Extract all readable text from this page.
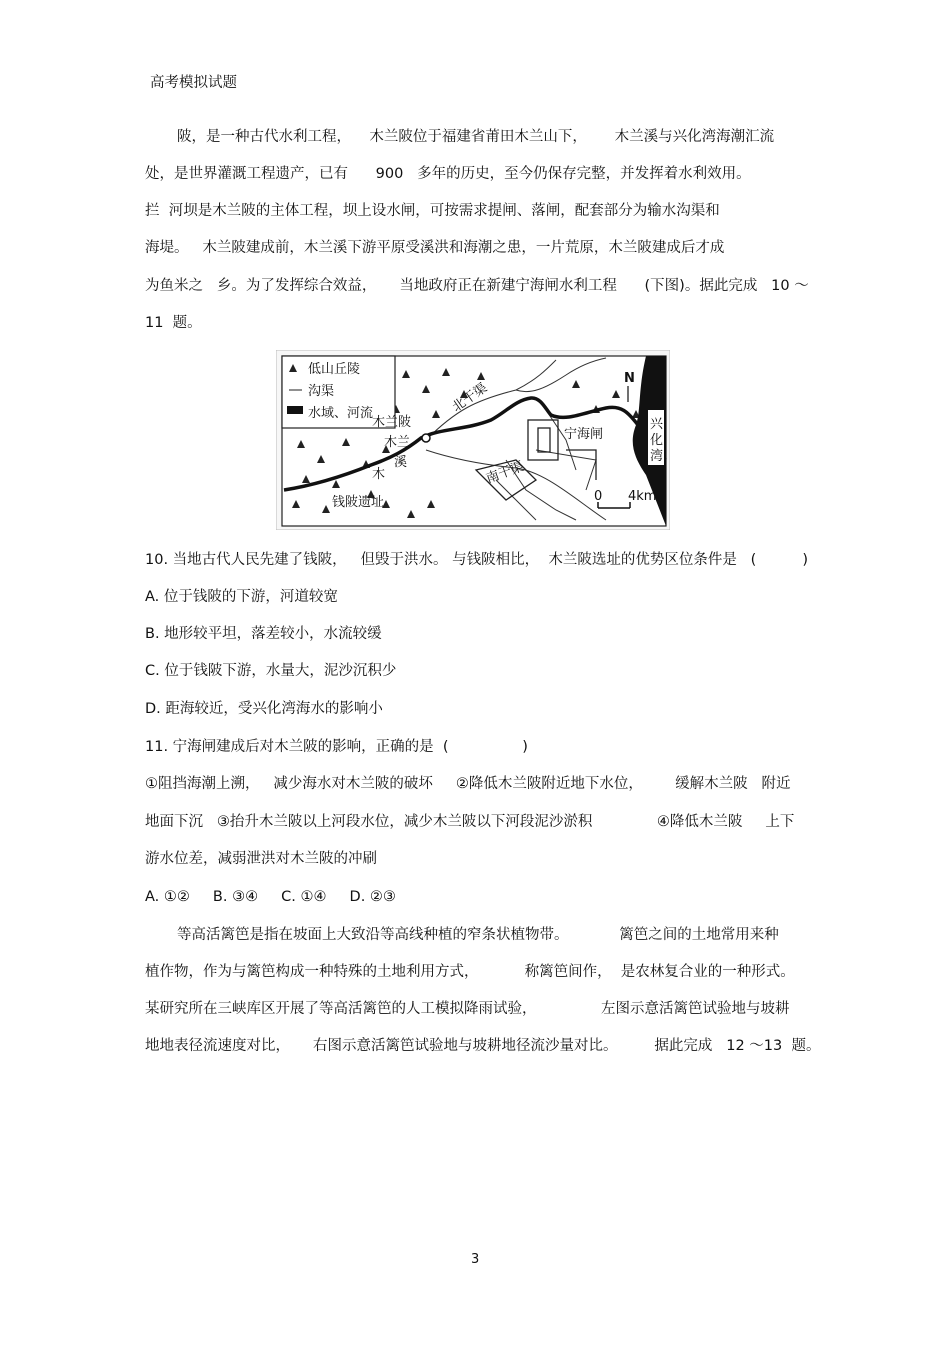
高考模拟试题
陂，是一种古代水利工程，    木兰陂位于福建省莆田木兰山下，      木兰溪与兴化湾海潮汇流
处，是世界灌溉工程遗产，已有      900   多年的历史，至今仍保存完整，并发挥着水利效用。
拦  河坝是木兰陂的主体工程，坝上设水闸，可按需求提闸、落闸，配套部分为输水沟渠和
海堤。   木兰陂建成前，木兰溪下游平原受溪洪和海潮之患，一片荒原，木兰陂建成后才成
为鱼米之   乡。为了发挥综合效益，     当地政府正在新建宁海闸水利工程      (下图)。据此完成   10 ～
11  题。
低山丘陵
沟渠
水域、河流
N
北干渠
南干渠
木兰陂
木兰
溪
木
宁海闸
兴
化
湾
钱陂遗址	0 4km
10. 当地古代人民先建了钱陂，   但毁于洪水。 与钱陂相比，  木兰陂选址的优势区位条件是   (          )
A. 位于钱陂的下游，河道较宽
B. 地形较平坦，落差较小，水流较缓
C. 位于钱陂下游，水量大，泥沙沉积少
D. 距海较近，受兴化湾海水的影响小
11. 宁海闸建成后对木兰陂的影响，正确的是  (                )
①阻挡海潮上溯，   减少海水对木兰陂的破坏     ②降低木兰陂附近地下水位，       缓解木兰陂   附近
地面下沉   ③抬升木兰陂以上河段水位，减少木兰陂以下河段泥沙淤积              ④降低木兰陂     上下
游水位差，减弱泄洪对木兰陂的冲刷
A. ①②     B. ③④     C. ①④     D. ②③
等高活篱笆是指在坡面上大致沿等高线种植的窄条状植物带。           篱笆之间的土地常用来种
植作物，作为与篱笆构成一种特殊的土地利用方式，          称篱笆间作，  是农林复合业的一种形式。
某研究所在三峡库区开展了等高活篱笆的人工模拟降雨试验，              左图示意活篱笆试验地与坡耕
地地表径流速度对比，     右图示意活篱笆试验地与坡耕地径流沙量对比。        据此完成   12 ～13  题。
3
